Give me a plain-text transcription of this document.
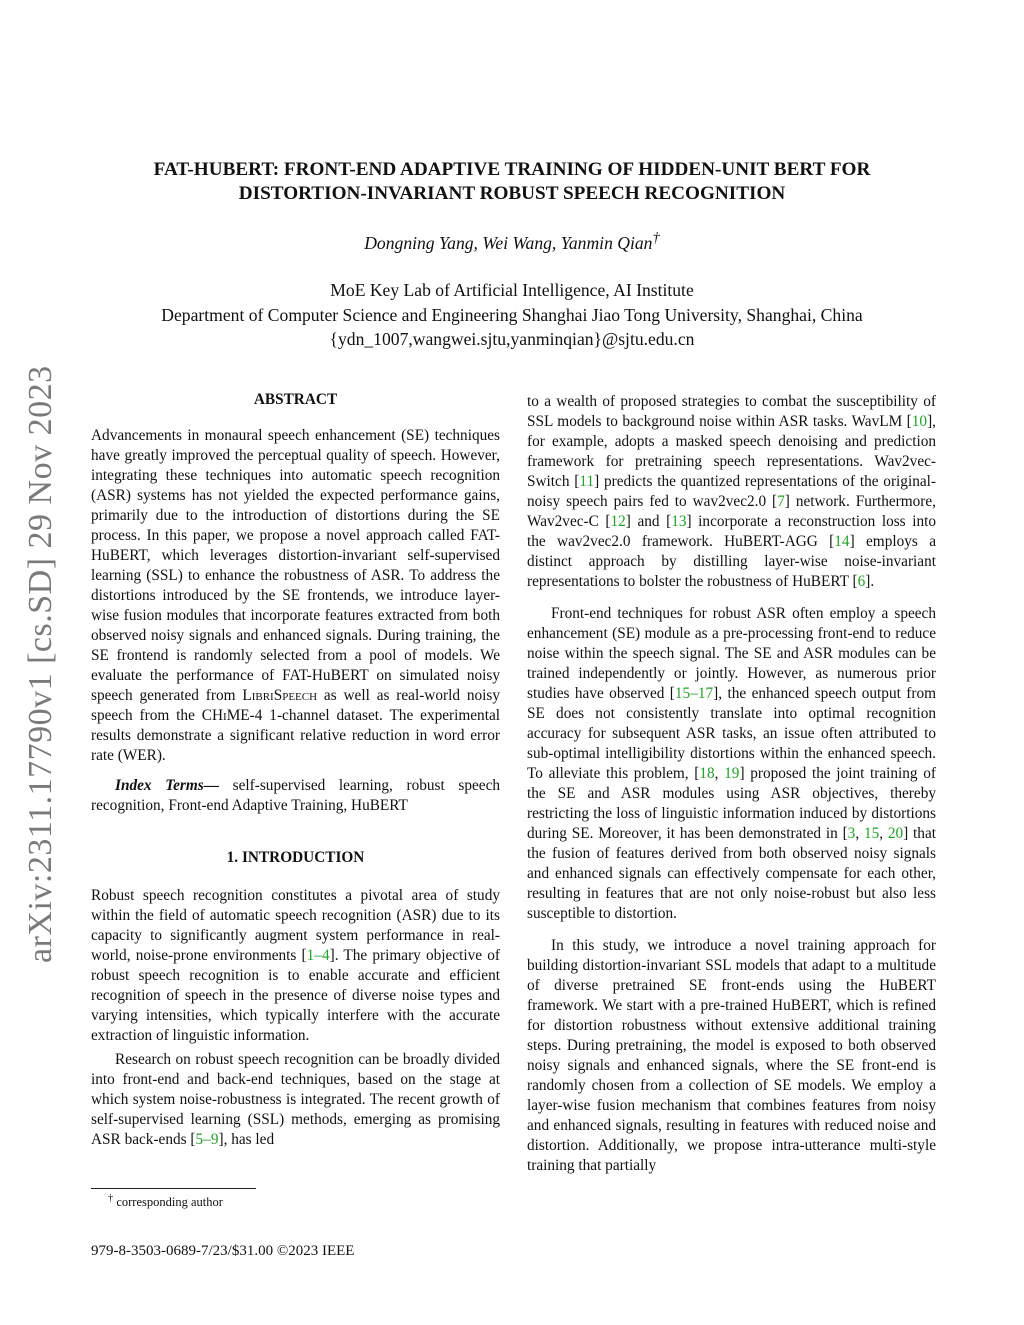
arXiv:2311.17790v1 [cs.SD] 29 Nov 2023
FAT-HUBERT: FRONT-END ADAPTIVE TRAINING OF HIDDEN-UNIT BERT FOR DISTORTION-INVARIANT ROBUST SPEECH RECOGNITION
Dongning Yang, Wei Wang, Yanmin Qian†
MoE Key Lab of Artificial Intelligence, AI Institute
Department of Computer Science and Engineering Shanghai Jiao Tong University, Shanghai, China
{ydn_1007,wangwei.sjtu,yanminqian}@sjtu.edu.cn
ABSTRACT

Advancements in monaural speech enhancement (SE) techniques have greatly improved the perceptual quality of speech. However, integrating these techniques into automatic speech recognition (ASR) systems has not yielded the expected performance gains, primarily due to the introduction of distortions during the SE process. In this paper, we propose a novel approach called FAT-HuBERT, which leverages distortion-invariant self-supervised learning (SSL) to enhance the robustness of ASR. To address the distortions introduced by the SE frontends, we introduce layer-wise fusion modules that incorporate features extracted from both observed noisy signals and enhanced signals. During training, the SE frontend is randomly selected from a pool of models. We evaluate the performance of FAT-HuBERT on simulated noisy speech generated from LibriSpeech as well as real-world noisy speech from the CHiME-4 1-channel dataset. The experimental results demonstrate a significant relative reduction in word error rate (WER).

Index Terms— self-supervised learning, robust speech recognition, Front-end Adaptive Training, HuBERT

1. INTRODUCTION

Robust speech recognition constitutes a pivotal area of study within the field of automatic speech recognition (ASR) due to its capacity to significantly augment system performance in real-world, noise-prone environments [1–4]. The primary objective of robust speech recognition is to enable accurate and efficient recognition of speech in the presence of diverse noise types and varying intensities, which typically interfere with the accurate extraction of linguistic information.

Research on robust speech recognition can be broadly divided into front-end and back-end techniques, based on the stage at which system noise-robustness is integrated. The recent growth of self-supervised learning (SSL) methods, emerging as promising ASR back-ends [5–9], has led

to a wealth of proposed strategies to combat the susceptibility of SSL models to background noise within ASR tasks. WavLM [10], for example, adopts a masked speech denoising and prediction framework for pretraining speech representations. Wav2vec-Switch [11] predicts the quantized representations of the original-noisy speech pairs fed to wav2vec2.0 [7] network. Furthermore, Wav2vec-C [12] and [13] incorporate a reconstruction loss into the wav2vec2.0 framework. HuBERT-AGG [14] employs a distinct approach by distilling layer-wise noise-invariant representations to bolster the robustness of HuBERT [6].

Front-end techniques for robust ASR often employ a speech enhancement (SE) module as a pre-processing front-end to reduce noise within the speech signal. The SE and ASR modules can be trained independently or jointly. However, as numerous prior studies have observed [15–17], the enhanced speech output from SE does not consistently translate into optimal recognition accuracy for subsequent ASR tasks, an issue often attributed to sub-optimal intelligibility distortions within the enhanced speech. To alleviate this problem, [18, 19] proposed the joint training of the SE and ASR modules using ASR objectives, thereby restricting the loss of linguistic information induced by distortions during SE. Moreover, it has been demonstrated in [3, 15, 20] that the fusion of features derived from both observed noisy signals and enhanced signals can effectively compensate for each other, resulting in features that are not only noise-robust but also less susceptible to distortion.

In this study, we introduce a novel training approach for building distortion-invariant SSL models that adapt to a multitude of diverse pretrained SE front-ends using the HuBERT framework. We start with a pre-trained HuBERT, which is refined for distortion robustness without extensive additional training steps. During pretraining, the model is exposed to both observed noisy signals and enhanced signals, where the SE front-end is randomly chosen from a collection of SE models. We employ a layer-wise fusion mechanism that combines features from noisy and enhanced signals, resulting in features with reduced noise and distortion. Additionally, we propose intra-utterance multi-style training that partially

† corresponding author
979-8-3503-0689-7/23/$31.00 ©2023 IEEE
